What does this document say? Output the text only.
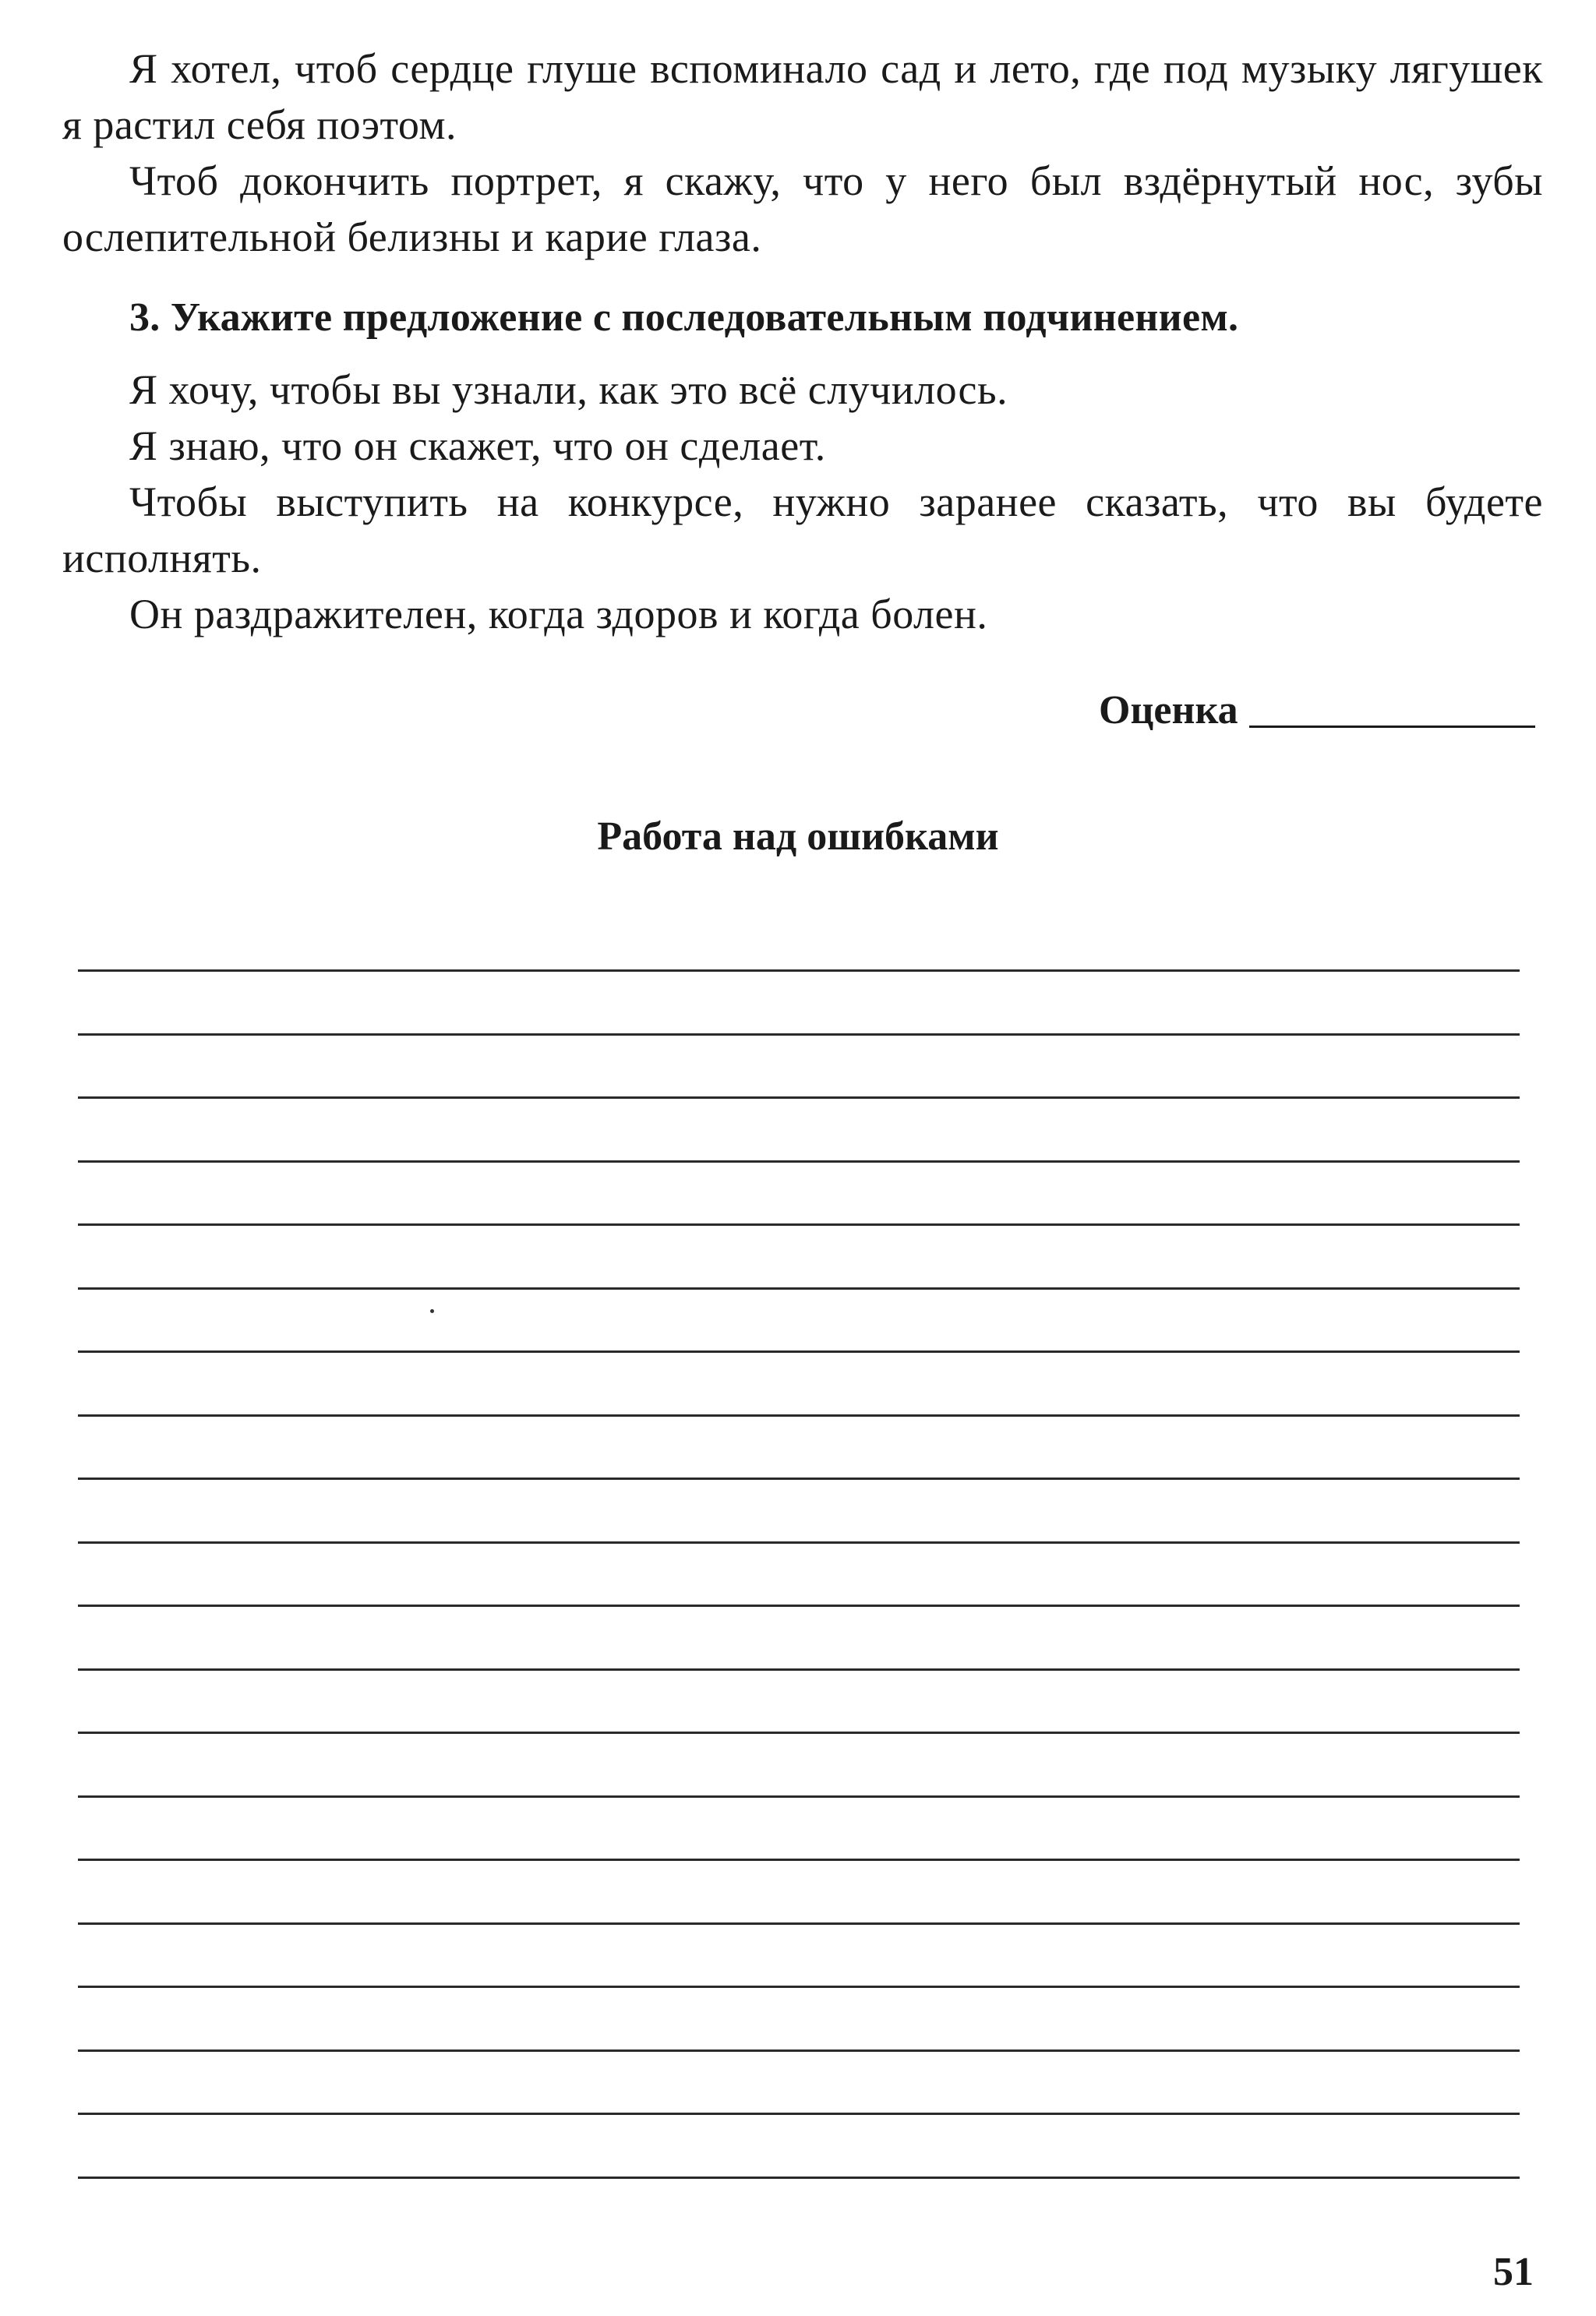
Я хотел, чтоб сердце глуше вспоминало сад и лето, где под музыку лягушек я растил себя поэтом.

Чтоб докончить портрет, я скажу, что у него был вздёрнутый нос, зубы ослепительной белизны и карие глаза.

3. Укажите предложение с последовательным подчинением.

Я хочу, чтобы вы узнали, как это всё случилось.

Я знаю, что он скажет, что он сделает.

Чтобы выступить на конкурсе, нужно заранее сказать, что вы будете исполнять.

Он раздражителен, когда здоров и когда болен.

Оценка
Работа над ошибками
51
